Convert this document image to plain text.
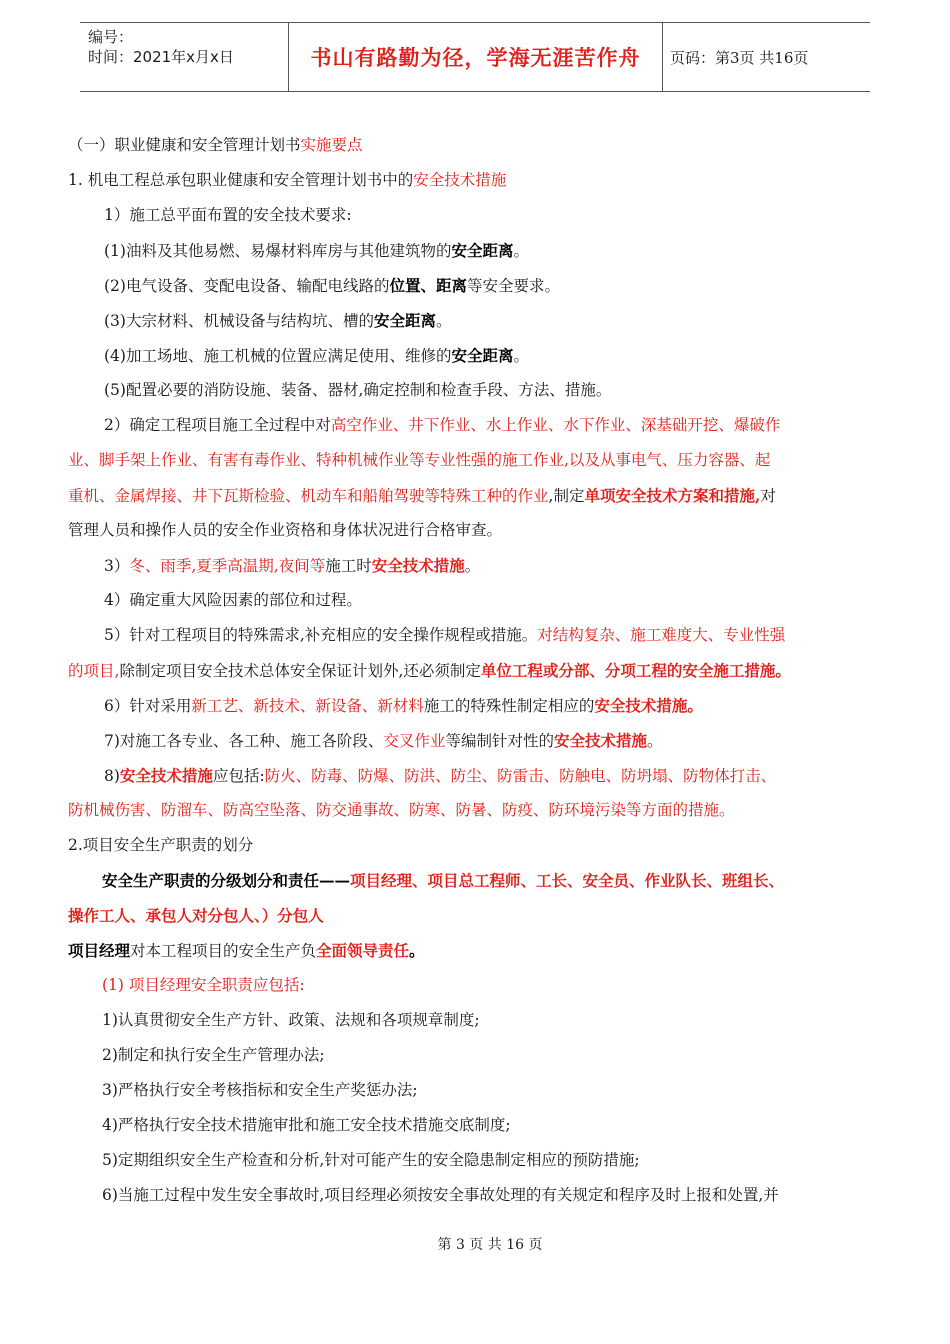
编号：
时间：2021年x月x日	书山有路勤为径，学海无涯苦作舟 页码：第3页 共16页
（一）职业健康和安全管理计划书实施要点
1. 机电工程总承包职业健康和安全管理计划书中的安全技术措施
1）施工总平面布置的安全技术要求:
(1)油料及其他易燃、易爆材料库房与其他建筑物的安全距离。
(2)电气设备、变配电设备、输配电线路的位置、距离等安全要求。
(3)大宗材料、机械设备与结构坑、槽的安全距离。
(4)加工场地、施工机械的位置应满足使用、维修的安全距离。
(5)配置必要的消防设施、装备、器材,确定控制和检查手段、方法、措施。
2）确定工程项目施工全过程中对高空作业、井下作业、水上作业、水下作业、深基础开挖、爆破作
业、脚手架上作业、有害有毒作业、特种机械作业等专业性强的施工作业,以及从事电气、压力容器、起
重机、金属焊接、井下瓦斯检验、机动车和船舶驾驶等特殊工种的作业,制定单项安全技术方案和措施,对
管理人员和操作人员的安全作业资格和身体状况进行合格审查。
3）冬、雨季,夏季高温期,夜间等施工时安全技术措施。
4）确定重大风险因素的部位和过程。
5）针对工程项目的特殊需求,补充相应的安全操作规程或措施。对结构复杂、施工难度大、专业性强
的项目,除制定项目安全技术总体安全保证计划外,还必须制定单位工程或分部、分项工程的安全施工措施。
6）针对采用新工艺、新技术、新设备、新材料施工的特殊性制定相应的安全技术措施。
7)对施工各专业、各工种、施工各阶段、交叉作业等编制针对性的安全技术措施。
8)安全技术措施应包括:防火、防毒、防爆、防洪、防尘、防雷击、防触电、防坍塌、防物体打击、
防机械伤害、防溜车、防高空坠落、防交通事故、防寒、防暑、防疫、防环境污染等方面的措施。
2.项目安全生产职责的划分
安全生产职责的分级划分和责任——项目经理、项目总工程师、工长、安全员、作业队长、班组长、
操作工人、承包人对分包人、）分包人
项目经理对本工程项目的安全生产负全面领导责任。
(1) 项目经理安全职责应包括:
1)认真贯彻安全生产方针、政策、法规和各项规章制度;
2)制定和执行安全生产管理办法;
3)严格执行安全考核指标和安全生产奖惩办法;
4)严格执行安全技术措施审批和施工安全技术措施交底制度;
5)定期组织安全生产检查和分析,针对可能产生的安全隐患制定相应的预防措施;
6)当施工过程中发生安全事故时,项目经理必须按安全事故处理的有关规定和程序及时上报和处置,并
第 3 页 共 16 页
